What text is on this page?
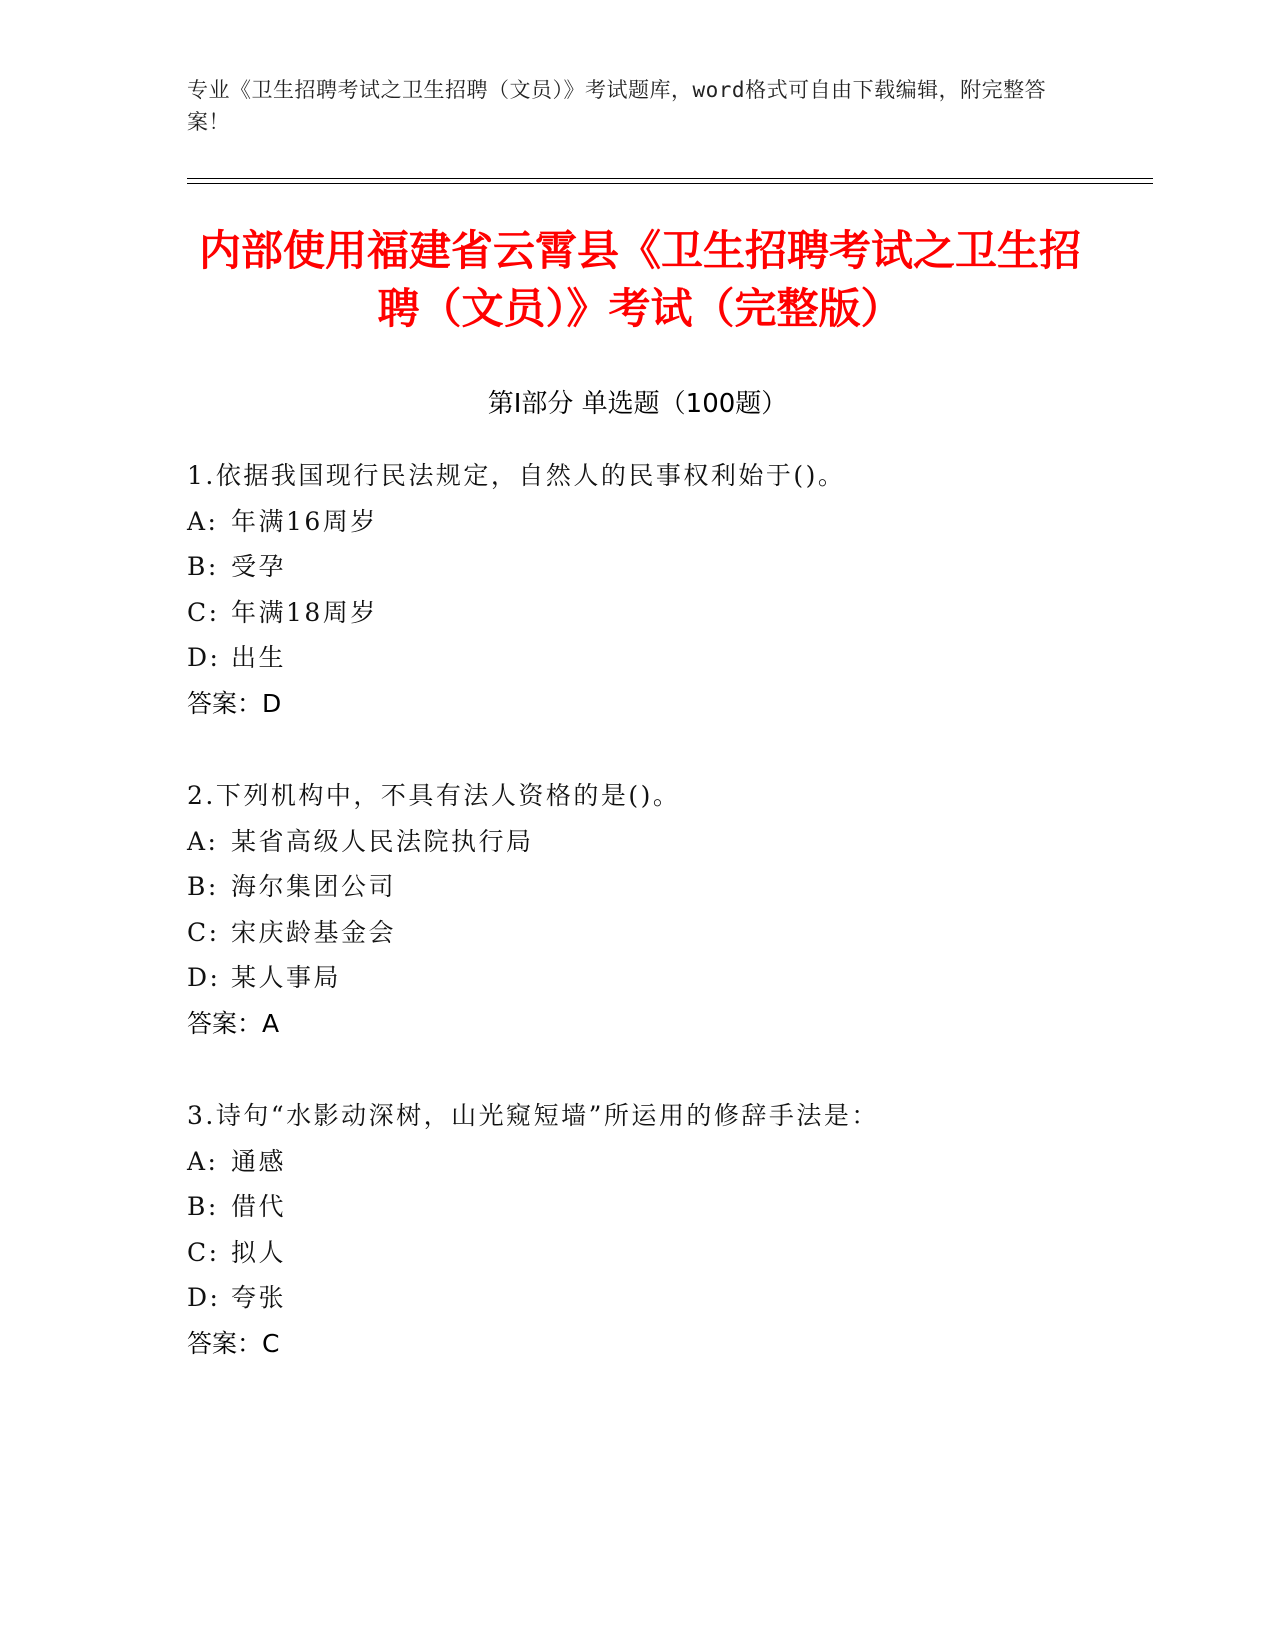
专业《卫生招聘考试之卫生招聘（文员）》考试题库，word格式可自由下载编辑，附完整答案！
内部使用福建省云霄县《卫生招聘考试之卫生招聘（文员）》考试（完整版）
第Ⅰ部分 单选题（100题）
1.依据我国现行民法规定，自然人的民事权利始于()。
A: 年满16周岁
B: 受孕
C: 年满18周岁
D: 出生
答案：D
2.下列机构中，不具有法人资格的是()。
A: 某省高级人民法院执行局
B: 海尔集团公司
C: 宋庆龄基金会
D: 某人事局
答案：A
3.诗句“水影动深树，山光窥短墙”所运用的修辞手法是：
A: 通感
B: 借代
C: 拟人
D: 夸张
答案：C
